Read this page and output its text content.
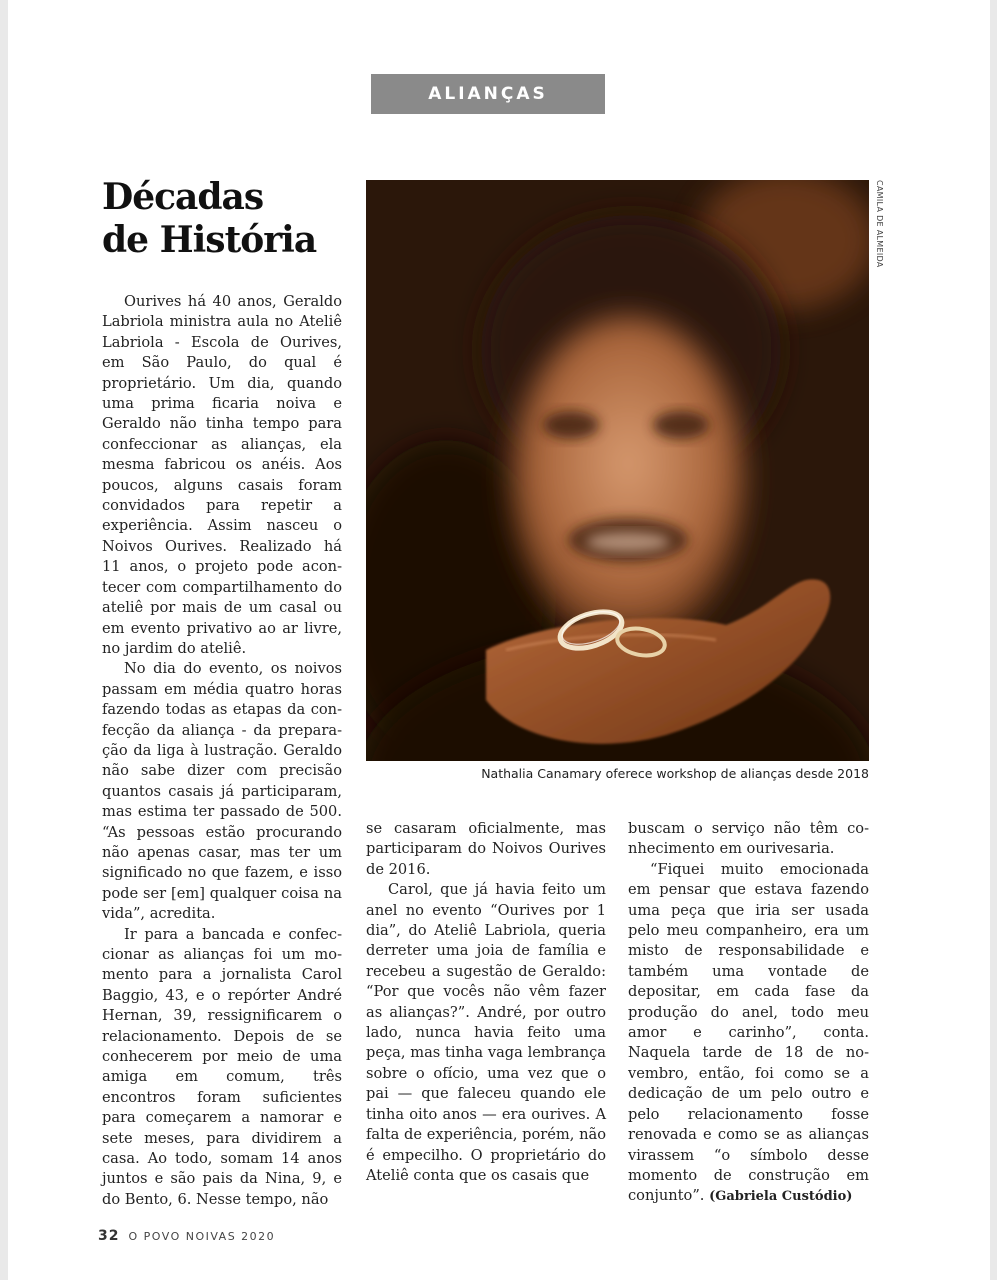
ALIANÇAS
Décadas
de História	CAMILA DE ALMEIDA
Nathalia Canamary oferece workshop de alianças desde 2018

Ourives há 40 anos, Geraldo Labriola ministra aula no Ateliê Labriola - Escola de Ourives, em São Paulo, do qual é proprietário. Um dia, quando uma prima ficaria noiva e Geraldo não tinha tempo para confeccionar as alianças, ela mesma fabricou os anéis. Aos poucos, alguns casais foram convidados para repetir a experiência. Assim nasceu o Noivos Ourives. Realizado há 11 anos, o projeto pode acontecer com compartilhamento do ateliê por mais de um casal ou em evento privativo ao ar livre, no jardim do ateliê.

No dia do evento, os noivos passam em média quatro horas fazendo todas as etapas da confecção da aliança - da preparação da liga à lustração. Geraldo não sabe dizer com precisão quantos casais já participaram, mas estima ter passado de 500. “As pessoas estão procurando não apenas casar, mas ter um significado no que fazem, e isso pode ser [em] qualquer coisa na vida”, acredita.

Ir para a bancada e confeccionar as alianças foi um momento para a jornalista Carol Baggio, 43, e o repórter André Hernan, 39, ressignificarem o relacionamento. Depois de se conhecerem por meio de uma amiga em comum, três encontros foram suficientes para começarem a namorar e sete meses, para dividirem a casa. Ao todo, somam 14 anos juntos e são pais da Nina, 9, e do Bento, 6. Nesse tempo, não

se casaram oficialmente, mas participaram do Noivos Ourives de 2016.

Carol, que já havia feito um anel no evento “Ourives por 1 dia”, do Ateliê Labriola, queria derreter uma joia de família e recebeu a sugestão de Geraldo: “Por que vocês não vêm fazer as alianças?”. André, por outro lado, nunca havia feito uma peça, mas tinha vaga lembrança sobre o ofício, uma vez que o pai — que faleceu quando ele tinha oito anos — era ourives. A falta de experiência, porém, não é empecilho. O proprietário do Ateliê conta que os casais que

buscam o serviço não têm conhecimento em ourivesaria.

“Fiquei muito emocionada em pensar que estava fazendo uma peça que iria ser usada pelo meu companheiro, era um misto de responsabilidade e também uma vontade de depositar, em cada fase da produção do anel, todo meu amor e carinho”, conta. Naquela tarde de 18 de novembro, então, foi como se a dedicação de um pelo outro e pelo relacionamento fosse renovada e como se as alianças virassem “o símbolo desse momento de construção em conjunto”. (Gabriela Custódio)

32 O POVO NOIVAS 2020
